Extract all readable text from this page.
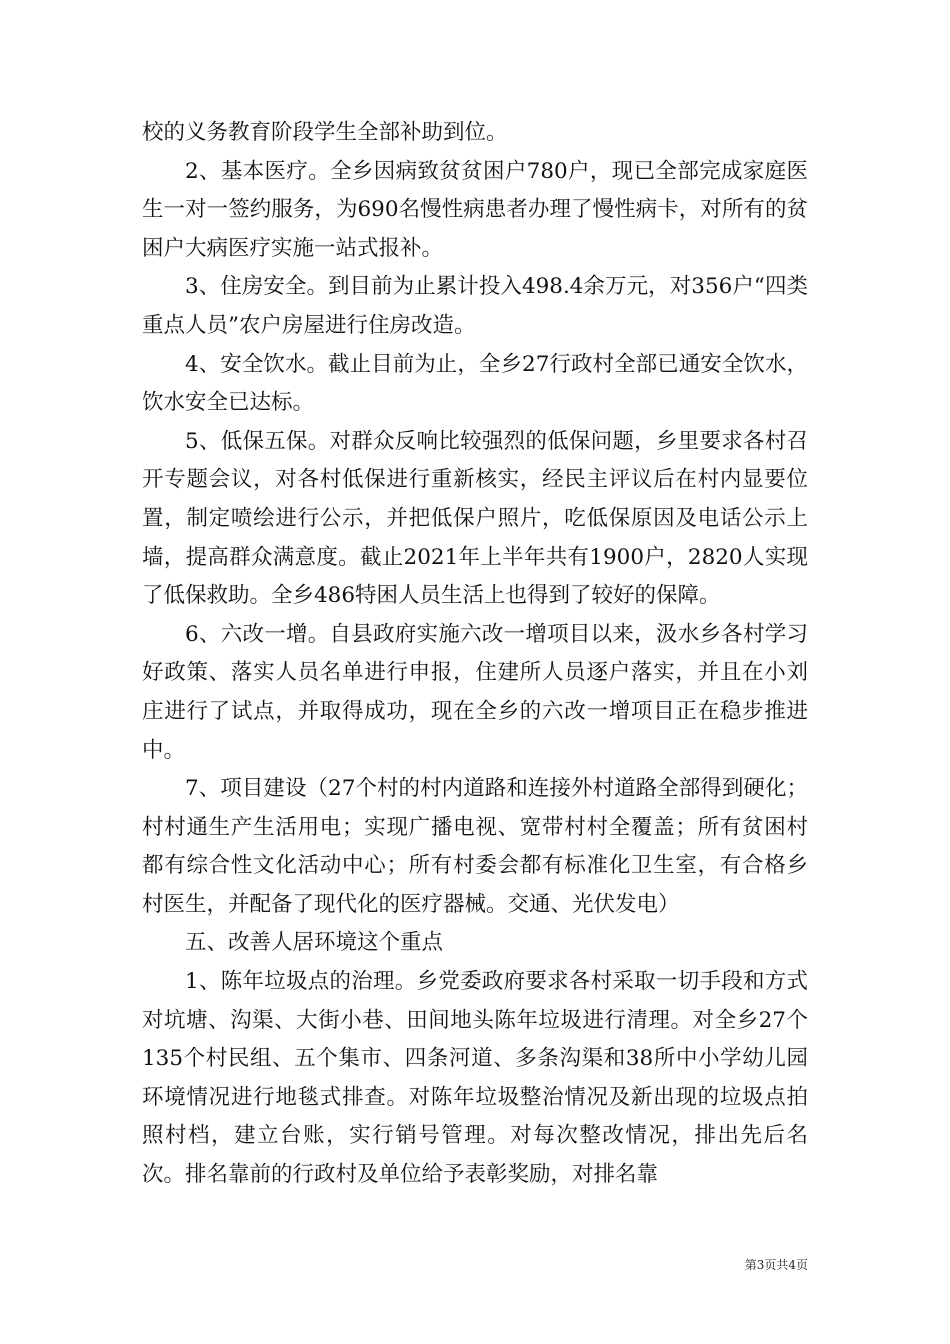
校的义务教育阶段学生全部补助到位。

2、基本医疗。全乡因病致贫贫困户780户，现已全部完成家庭医生一对一签约服务，为690名慢性病患者办理了慢性病卡，对所有的贫困户大病医疗实施一站式报补。

3、住房安全。到目前为止累计投入498.4余万元，对356户“四类重点人员”农户房屋进行住房改造。

4、安全饮水。截止目前为止，全乡27行政村全部已通安全饮水，饮水安全已达标。

5、低保五保。对群众反响比较强烈的低保问题，乡里要求各村召开专题会议，对各村低保进行重新核实，经民主评议后在村内显要位置，制定喷绘进行公示，并把低保户照片，吃低保原因及电话公示上墙，提高群众满意度。截止2021年上半年共有1900户，2820人实现了低保救助。全乡486特困人员生活上也得到了较好的保障。

6、六改一增。自县政府实施六改一增项目以来，汲水乡各村学习好政策、落实人员名单进行申报，住建所人员逐户落实，并且在小刘庄进行了试点，并取得成功，现在全乡的六改一增项目正在稳步推进中。

7、项目建设（27个村的村内道路和连接外村道路全部得到硬化；村村通生产生活用电；实现广播电视、宽带村村全覆盖；所有贫困村都有综合性文化活动中心；所有村委会都有标准化卫生室，有合格乡村医生，并配备了现代化的医疗器械。交通、光伏发电）

五、改善人居环境这个重点

1、陈年垃圾点的治理。乡党委政府要求各村采取一切手段和方式对坑塘、沟渠、大街小巷、田间地头陈年垃圾进行清理。对全乡27个135个村民组、五个集市、四条河道、多条沟渠和38所中小学幼儿园环境情况进行地毯式排查。对陈年垃圾整治情况及新出现的垃圾点拍照村档，建立台账，实行销号管理。对每次整改情况，排出先后名次。排名靠前的行政村及单位给予表彰奖励，对排名靠

第3页共4页
